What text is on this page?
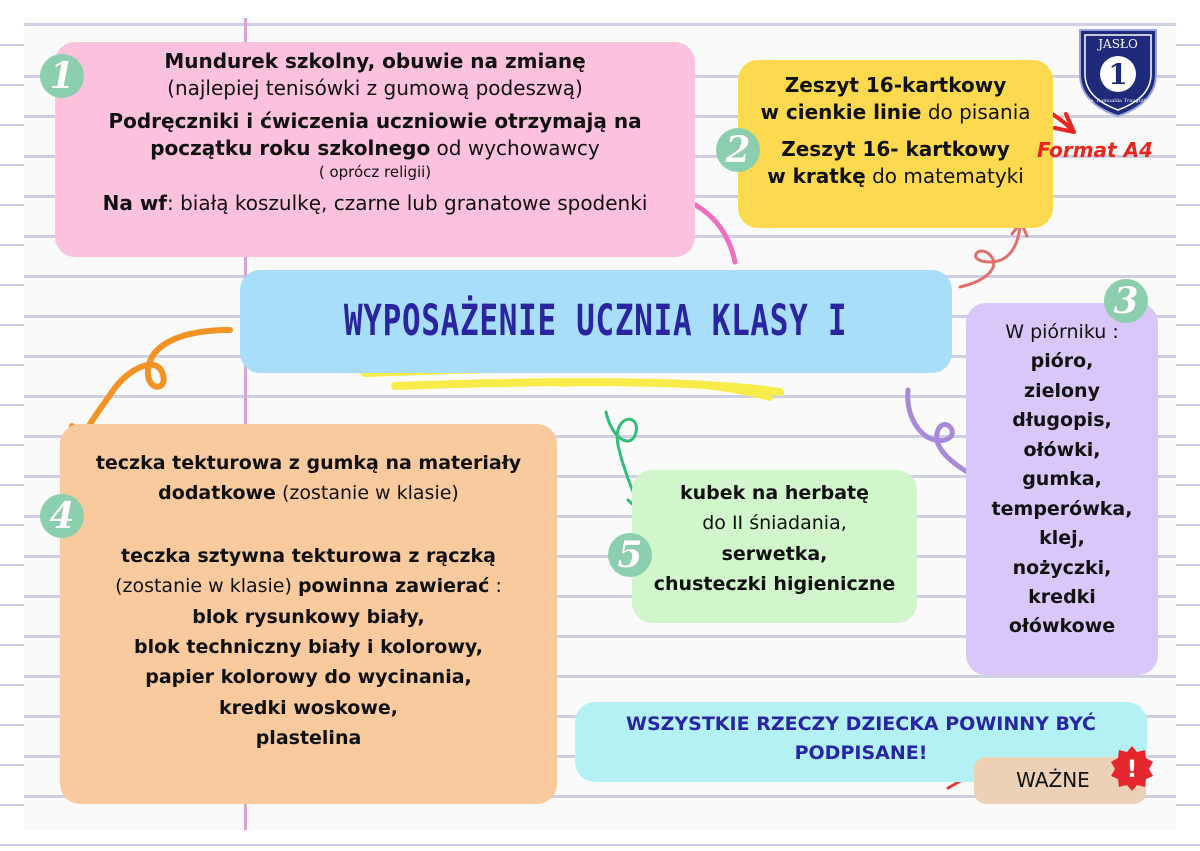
Mundurek szkolny, obuwie na zmianę

(najlepiej tenisówki z gumową podeszwą)

Podręczniki i ćwiczenia uczniowie otrzymają na

początku roku szkolnego od wychowawcy

( oprócz religii)

Na wf: białą koszulkę, czarne lub granatowe spodenki

Zeszyt 16-kartkowy

w cienkie linie do pisania

Zeszyt 16- kartkowy

w kratkę do matematyki

Format A4
JASŁO
1
im. Romualda Traugutta
WYPOSAŻENIE UCZNIA KLASY I	W piórniku :

pióro,

zielony

długopis,

ołówki,

gumka,

temperówka,

klej,

nożyczki,

kredki

ołówkowe

teczka tekturowa z gumką na materiały

dodatkowe (zostanie w klasie)

teczka sztywna tekturowa z rączką

(zostanie w klasie) powinna zawierać :

blok rysunkowy biały,

blok techniczny biały i kolorowy,

papier kolorowy do wycinania,

kredki woskowe,

plastelina

kubek na herbatę

do II śniadania,

serwetka,

chusteczki higieniczne

WSZYSTKIE RZECZY DZIECKA POWINNY BYĆ
PODPISANE!
WAŻNE !
1
2
3
4
5
